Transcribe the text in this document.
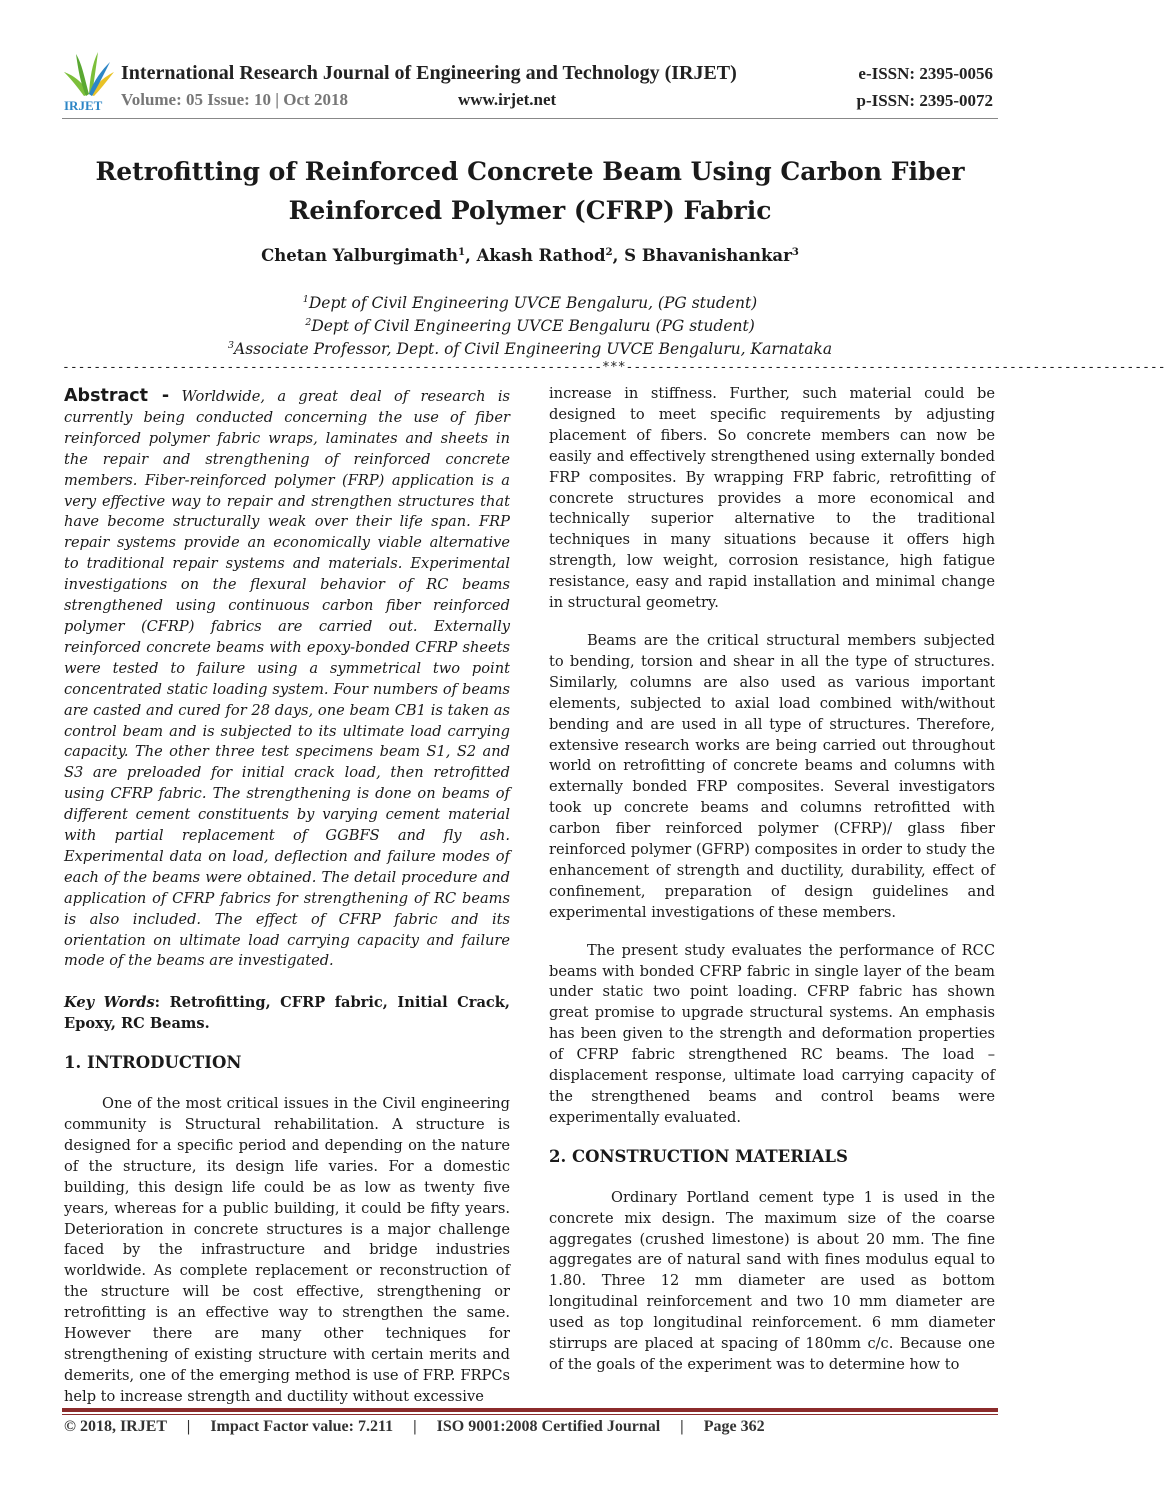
IRJET
International Research Journal of Engineering and Technology (IRJET)
Volume: 05 Issue: 10 | Oct 2018	www.irjet.net
e-ISSN: 2395-0056
p-ISSN: 2395-0072
Retrofitting of Reinforced Concrete Beam Using Carbon Fiber
Reinforced Polymer (CFRP) Fabric
Chetan Yalburgimath$^1$, Akash Rathod$^2$, S Bhavanishankar$^3$
$^1$Dept of Civil Engineering UVCE Bengaluru, (PG student)
$^2$Dept of Civil Engineering UVCE Bengaluru (PG student)
$^3$Associate Professor, Dept. of Civil Engineering UVCE Bengaluru, Karnataka
---------------------------------------------------------------------***---------------------------------------------------------------------

Abstract - Worldwide, a great deal of research is currently being conducted concerning the use of fiber reinforced polymer fabric wraps, laminates and sheets in the repair and strengthening of reinforced concrete members. Fiber-reinforced polymer (FRP) application is a very effective way to repair and strengthen structures that have become structurally weak over their life span. FRP repair systems provide an economically viable alternative to traditional repair systems and materials. Experimental investigations on the flexural behavior of RC beams strengthened using continuous carbon fiber reinforced polymer (CFRP) fabrics are carried out. Externally reinforced concrete beams with epoxy-bonded CFRP sheets were tested to failure using a symmetrical two point concentrated static loading system. Four numbers of beams are casted and cured for 28 days, one beam CB1 is taken as control beam and is subjected to its ultimate load carrying capacity. The other three test specimens beam S1, S2 and S3 are preloaded for initial crack load, then retrofitted using CFRP fabric. The strengthening is done on beams of different cement constituents by varying cement material with partial replacement of GGBFS and fly ash. Experimental data on load, deflection and failure modes of each of the beams were obtained. The detail procedure and application of CFRP fabrics for strengthening of RC beams is also included. The effect of CFRP fabric and its orientation on ultimate load carrying capacity and failure mode of the beams are investigated.

Key Words: Retrofitting, CFRP fabric, Initial Crack, Epoxy, RC Beams.

1. INTRODUCTION

One of the most critical issues in the Civil engineering community is Structural rehabilitation. A structure is designed for a specific period and depending on the nature of the structure, its design life varies. For a domestic building, this design life could be as low as twenty five years, whereas for a public building, it could be fifty years. Deterioration in concrete structures is a major challenge faced by the infrastructure and bridge industries worldwide. As complete replacement or reconstruction of the structure will be cost effective, strengthening or retrofitting is an effective way to strengthen the same. However there are many other techniques for strengthening of existing structure with certain merits and demerits, one of the emerging method is use of FRP. FRPCs help to increase strength and ductility without excessive

increase in stiffness. Further, such material could be designed to meet specific requirements by adjusting placement of fibers. So concrete members can now be easily and effectively strengthened using externally bonded FRP composites. By wrapping FRP fabric, retrofitting of concrete structures provides a more economical and technically superior alternative to the traditional techniques in many situations because it offers high strength, low weight, corrosion resistance, high fatigue resistance, easy and rapid installation and minimal change in structural geometry.

Beams are the critical structural members subjected to bending, torsion and shear in all the type of structures. Similarly, columns are also used as various important elements, subjected to axial load combined with/without bending and are used in all type of structures. Therefore, extensive research works are being carried out throughout world on retrofitting of concrete beams and columns with externally bonded FRP composites. Several investigators took up concrete beams and columns retrofitted with carbon fiber reinforced polymer (CFRP)/ glass fiber reinforced polymer (GFRP) composites in order to study the enhancement of strength and ductility, durability, effect of confinement, preparation of design guidelines and experimental investigations of these members.

The present study evaluates the performance of RCC beams with bonded CFRP fabric in single layer of the beam under static two point loading. CFRP fabric has shown great promise to upgrade structural systems. An emphasis has been given to the strength and deformation properties of CFRP fabric strengthened RC beams. The load – displacement response, ultimate load carrying capacity of the strengthened beams and control beams were experimentally evaluated.

2. CONSTRUCTION MATERIALS

Ordinary Portland cement type 1 is used in the concrete mix design. The maximum size of the coarse aggregates (crushed limestone) is about 20 mm. The fine aggregates are of natural sand with fines modulus equal to 1.80. Three 12 mm diameter are used as bottom longitudinal reinforcement and two 10 mm diameter are used as top longitudinal reinforcement. 6 mm diameter stirrups are placed at spacing of 180mm c/c. Because one of the goals of the experiment was to determine how to

© 2018, IRJET     |     Impact Factor value: 7.211     |     ISO 9001:2008 Certified Journal     |     Page 362
